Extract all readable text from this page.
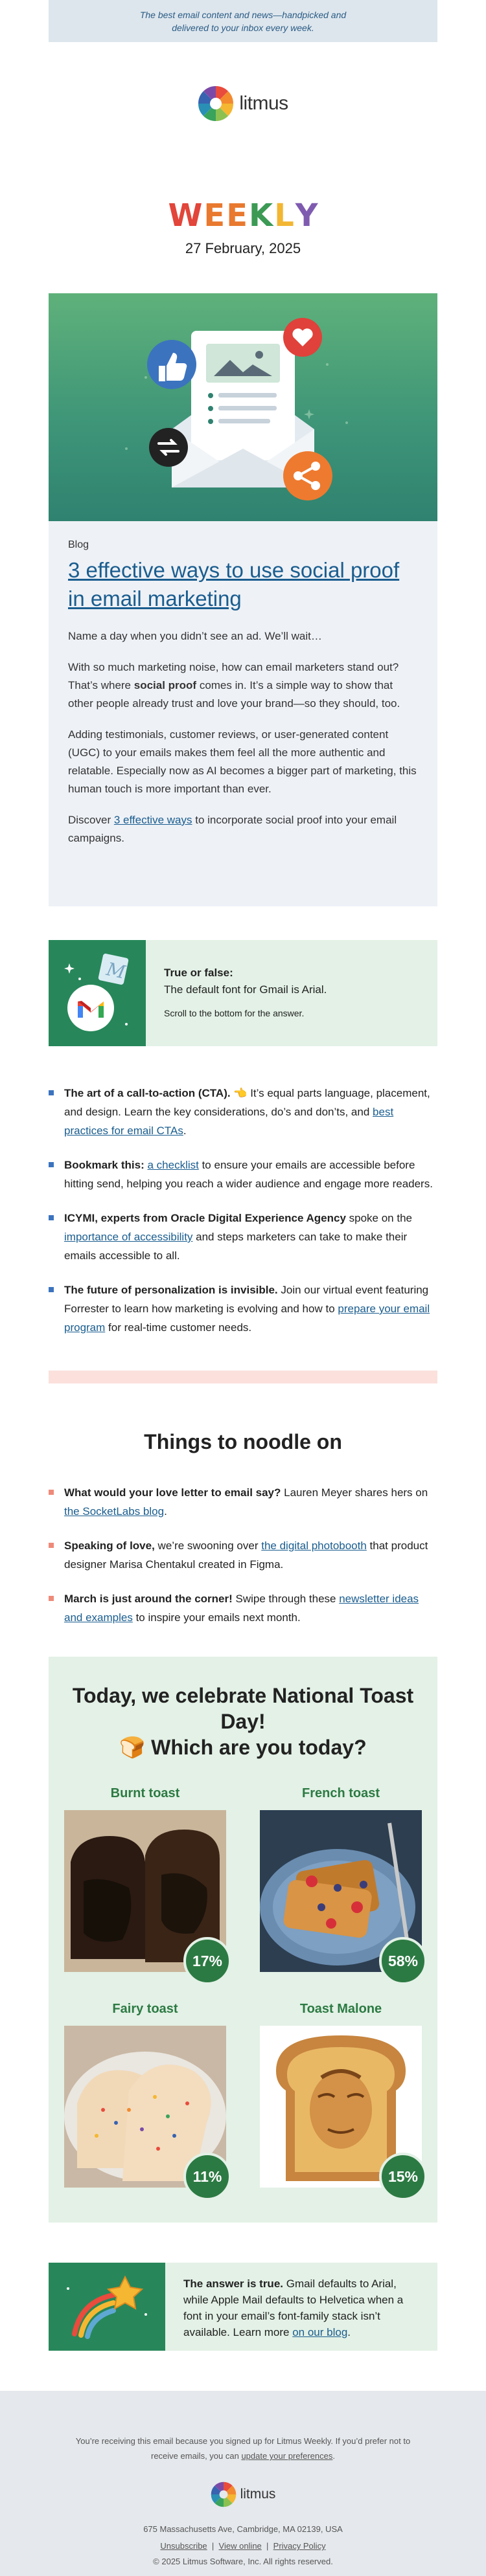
The best email content and news—handpicked and
delivered to your inbox every week.
litmus
W E E K L Y
27 February, 2025
Blog
3 effective ways to use social proof in email marketing

Name a day when you didn’t see an ad. We’ll wait…

With so much marketing noise, how can email marketers stand out? That’s where social proof comes in. It’s a simple way to show that other people already trust and love your brand—so they should, too.

Adding testimonials, customer reviews, or user-generated content (UGC) to your emails makes them feel all the more authentic and relatable. Especially now as AI becomes a bigger part of marketing, this human touch is more important than ever.

Discover 3 effective ways to incorporate social proof into your email campaigns.

M	True or false:
The default font for Gmail is Arial.
Scroll to the bottom for the answer.
The art of a call-to-action (CTA). 👈 It’s equal parts language, placement, and design. Learn the key considerations, do’s and don’ts, and best practices for email CTAs.
Bookmark this: a checklist to ensure your emails are accessible before hitting send, helping you reach a wider audience and engage more readers.
ICYMI, experts from Oracle Digital Experience Agency spoke on the importance of accessibility and steps marketers can take to make their emails accessible to all.
The future of personalization is invisible. Join our virtual event featuring Forrester to learn how marketing is evolving and how to prepare your email program for real-time customer needs.
Things to noodle on
What would your love letter to email say? Lauren Meyer shares hers on the SocketLabs blog.
Speaking of love, we’re swooning over the digital photobooth that product designer Marisa Chentakul created in Figma.
March is just around the corner! Swipe through these newsletter ideas and examples to inspire your emails next month.
Today, we celebrate National Toast Day!
🍞 Which are you today?
Burnt toast
17%
French toast
58%
Fairy toast
11%
Toast Malone
15%
The answer is true. Gmail defaults to Arial, while Apple Mail defaults to Helvetica when a font in your email’s font-family stack isn’t available. Learn more on our blog.
You’re receiving this email because you signed up for Litmus Weekly. If you’d prefer not to
receive emails, you can update your preferences.
litmus
675 Massachusetts Ave, Cambridge, MA 02139, USA
Unsubscribe | View online | Privacy Policy
© 2025 Litmus Software, Inc. All rights reserved.
